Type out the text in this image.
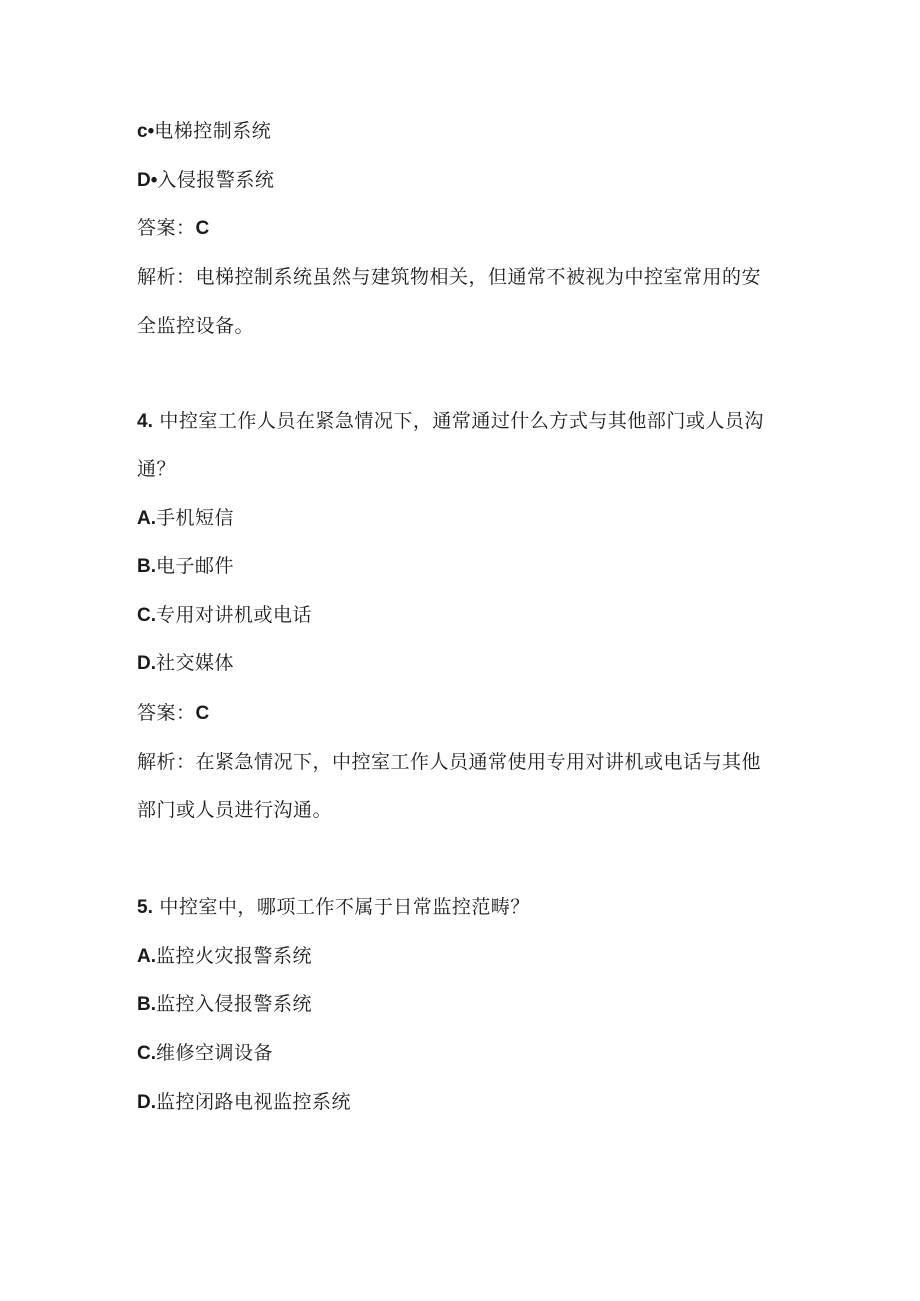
c•电梯控制系统
D•入侵报警系统
答案：C
解析：电梯控制系统虽然与建筑物相关，但通常不被视为中控室常用的安
全监控设备。
4. 中控室工作人员在紧急情况下，通常通过什么方式与其他部门或人员沟
通？
A.手机短信
B.电子邮件
C.专用对讲机或电话
D.社交媒体
答案：C
解析：在紧急情况下，中控室工作人员通常使用专用对讲机或电话与其他
部门或人员进行沟通。
5. 中控室中，哪项工作不属于日常监控范畴？
A.监控火灾报警系统
B.监控入侵报警系统
C.维修空调设备
D.监控闭路电视监控系统
